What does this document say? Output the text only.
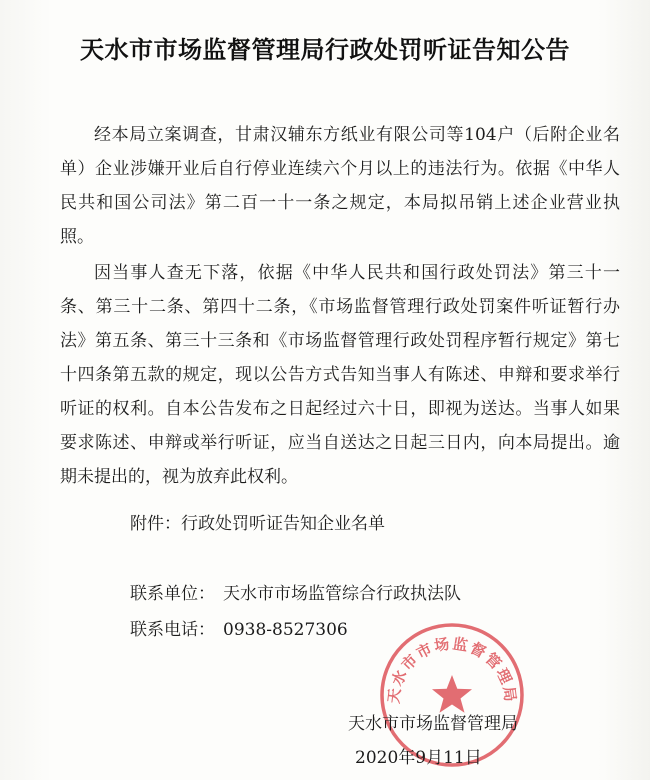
天水市市场监督管理局行政处罚听证告知公告

经本局立案调查，甘肃汉辅东方纸业有限公司等104户（后附企业名单）企业涉嫌开业后自行停业连续六个月以上的违法行为。依据《中华人民共和国公司法》第二百一十一条之规定，本局拟吊销上述企业营业执照。

因当事人查无下落，依据《中华人民共和国行政处罚法》第三十一条、第三十二条、第四十二条，《市场监督管理行政处罚案件听证暂行办法》第五条、第三十三条和《市场监督管理行政处罚程序暂行规定》第七十四条第五款的规定，现以公告方式告知当事人有陈述、申辩和要求举行听证的权利。自本公告发布之日起经过六十日，即视为送达。当事人如果要求陈述、申辩或举行听证，应当自送达之日起三日内，向本局提出。逾期未提出的，视为放弃此权利。

附件：行政处罚听证告知企业名单
联系单位： 天水市市场监管综合行政执法队
联系电话： 0938-8527306
天水市市场监督管理局
天水市市场监督管理局
2020年9月11日
